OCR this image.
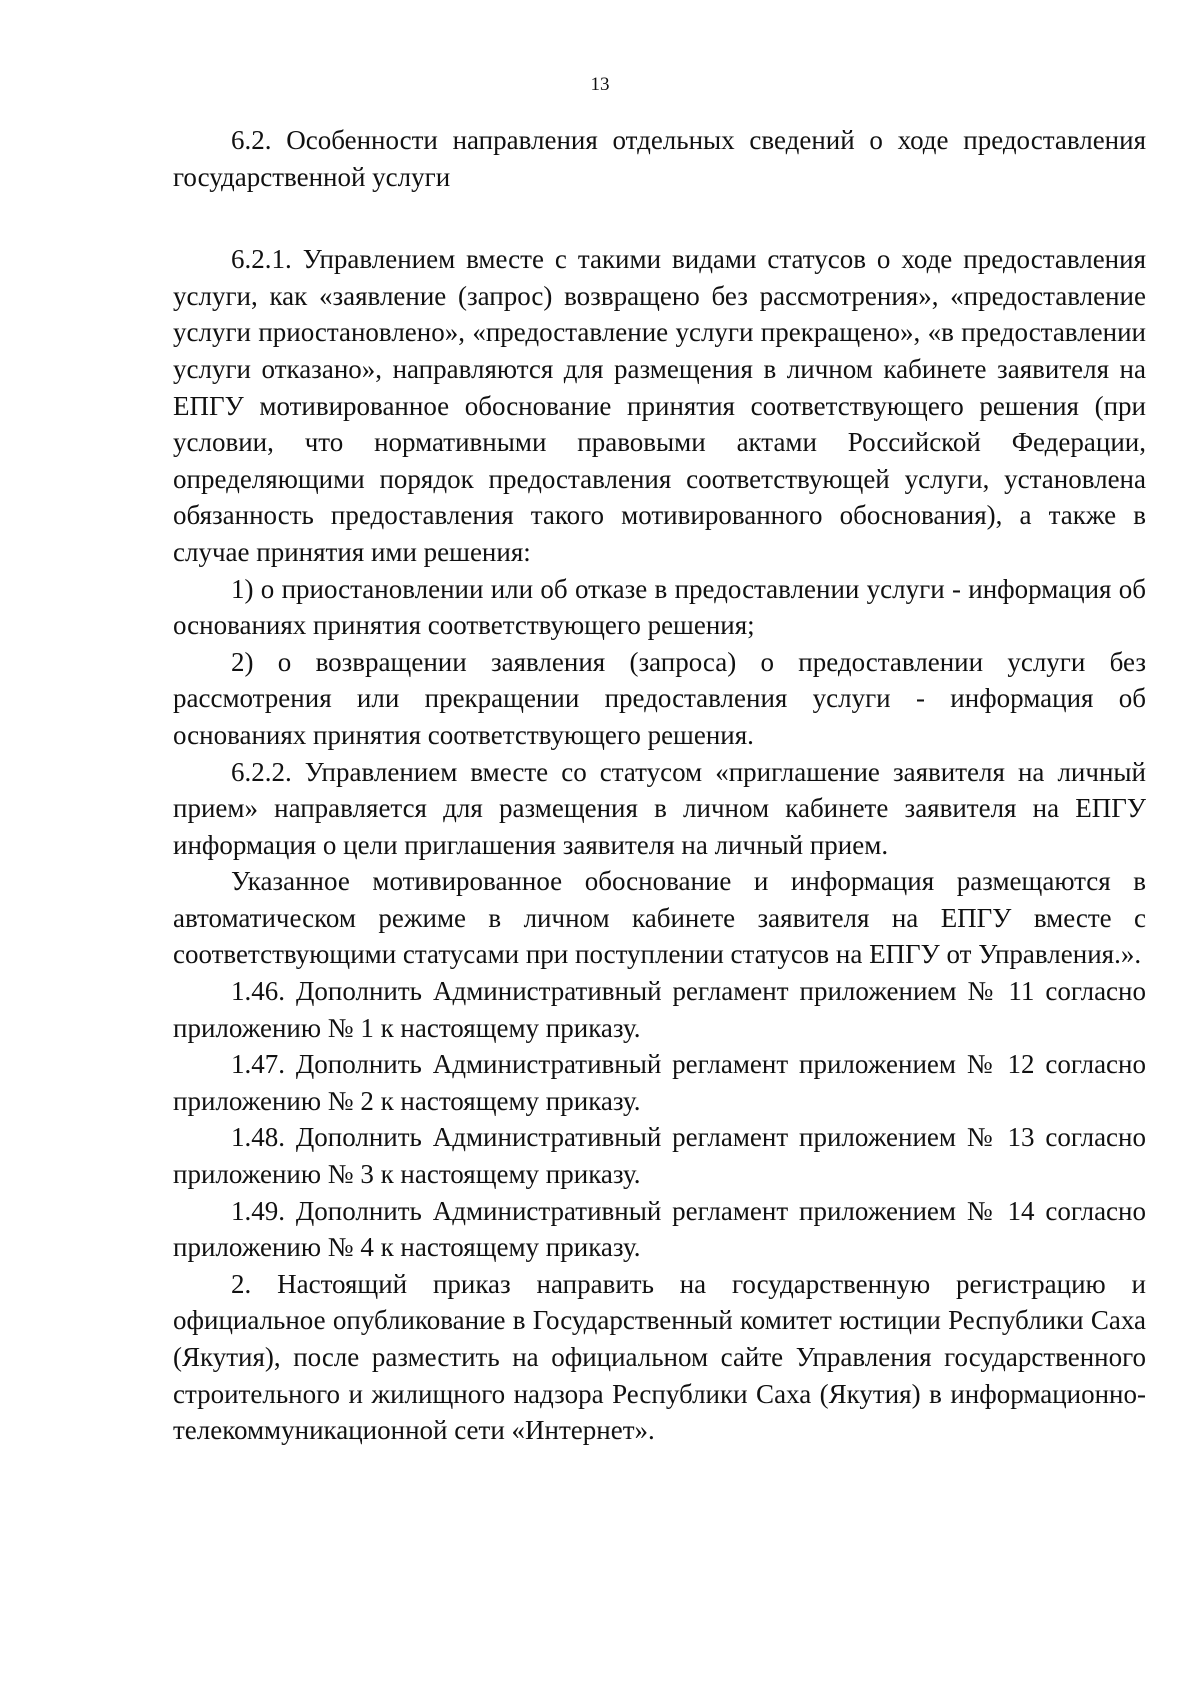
13

6.2. Особенности направления отдельных сведений о ходе предоставления государственной услуги

6.2.1. Управлением вместе с такими видами статусов о ходе предоставления услуги, как «заявление (запрос) возвращено без рассмотрения», «предоставление услуги приостановлено», «предоставление услуги прекращено», «в предоставлении услуги отказано», направляются для размещения в личном кабинете заявителя на ЕПГУ мотивированное обоснование принятия соответствующего решения (при условии, что нормативными правовыми актами Российской Федерации, определяющими порядок предоставления соответствующей услуги, установлена обязанность предоставления такого мотивированного обоснования), а также в случае принятия ими решения:

1) о приостановлении или об отказе в предоставлении услуги - информация об основаниях принятия соответствующего решения;

2) о возвращении заявления (запроса) о предоставлении услуги без рассмотрения или прекращении предоставления услуги - информация об основаниях принятия соответствующего решения.

6.2.2. Управлением вместе со статусом «приглашение заявителя на личный прием» направляется для размещения в личном кабинете заявителя на ЕПГУ информация о цели приглашения заявителя на личный прием.

Указанное мотивированное обоснование и информация размещаются в автоматическом режиме в личном кабинете заявителя на ЕПГУ вместе с соответствующими статусами при поступлении статусов на ЕПГУ от Управления.».

1.46. Дополнить Административный регламент приложением № 11 согласно приложению № 1 к настоящему приказу.

1.47. Дополнить Административный регламент приложением № 12 согласно приложению № 2 к настоящему приказу.

1.48. Дополнить Административный регламент приложением № 13 согласно приложению № 3 к настоящему приказу.

1.49. Дополнить Административный регламент приложением № 14 согласно приложению № 4 к настоящему приказу.

2. Настоящий приказ направить на государственную регистрацию и официальное опубликование в Государственный комитет юстиции Республики Саха (Якутия), после разместить на официальном сайте Управления государственного строительного и жилищного надзора Республики Саха (Якутия) в информационно-телекоммуникационной сети «Интернет».
